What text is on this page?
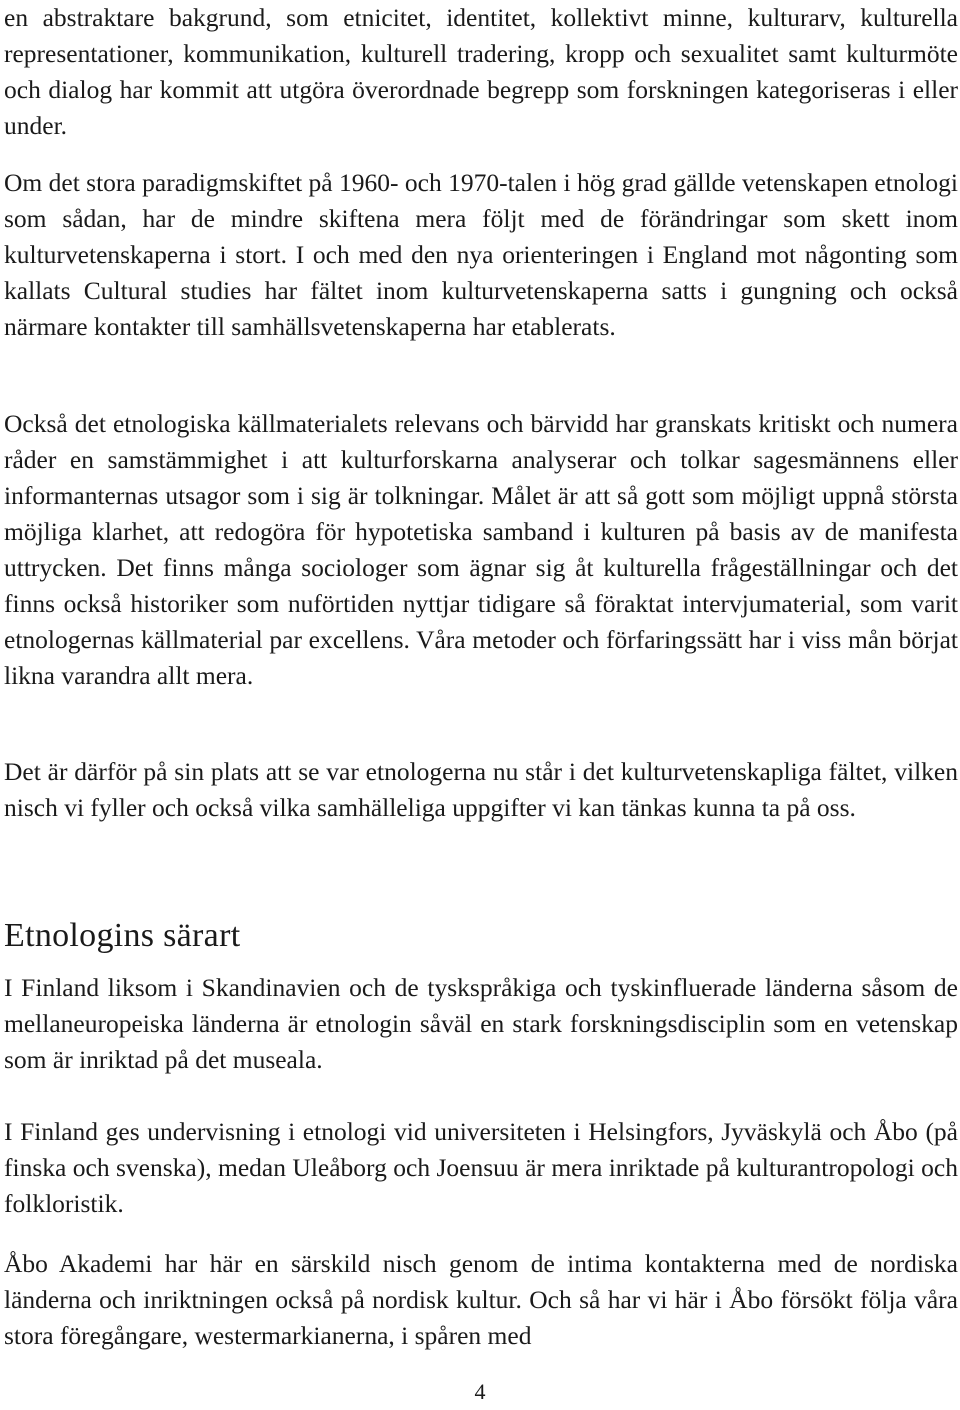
en abstraktare bakgrund, som etnicitet, identitet, kollektivt minne, kulturarv, kulturella representationer, kommunikation, kulturell tradering, kropp och sexualitet samt kulturmöte och dialog har kommit att utgöra överordnade begrepp som forskningen kategoriseras i eller under.

Om det stora paradigmskiftet på 1960- och 1970-talen i hög grad gällde vetenskapen etnologi som sådan, har de mindre skiftena mera följt med de förändringar som skett inom kulturvetenskaperna i stort. I och med den nya orienteringen i England mot någonting som kallats Cultural studies har fältet inom kulturvetenskaperna satts i gungning och också närmare kontakter till samhällsvetenskaperna har etablerats.

Också det etnologiska källmaterialets relevans och bärvidd har granskats kritiskt och numera råder en samstämmighet i att kulturforskarna analyserar och tolkar sagesmännens eller informanternas utsagor som i sig är tolkningar. Målet är att så gott som möjligt uppnå största möjliga klarhet, att redogöra för hypotetiska samband i kulturen på basis av de manifesta uttrycken. Det finns många sociologer som ägnar sig åt kulturella frågeställningar och det finns också historiker som nuförtiden nyttjar tidigare så föraktat intervjumaterial, som varit etnologernas källmaterial par excellens. Våra metoder och förfaringssätt har i viss mån börjat likna varandra allt mera.

Det är därför på sin plats att se var etnologerna nu står i det kulturvetenskapliga fältet, vilken nisch vi fyller och också vilka samhälleliga uppgifter vi kan tänkas kunna ta på oss.

Etnologins särart

I Finland liksom i Skandinavien och de tyskspråkiga och tyskinfluerade länderna såsom de mellaneuropeiska länderna är etnologin såväl en stark forskningsdisciplin som en vetenskap som är inriktad på det museala.

I Finland ges undervisning i etnologi vid universiteten i Helsingfors, Jyväskylä och Åbo (på finska och svenska), medan Uleåborg och Joensuu är mera inriktade på kulturantropologi och folkloristik.

Åbo Akademi har här en särskild nisch genom de intima kontakterna med de nordiska länderna och inriktningen också på nordisk kultur. Och så har vi här i Åbo försökt följa våra stora föregångare, westermarkianerna, i spåren med

4
